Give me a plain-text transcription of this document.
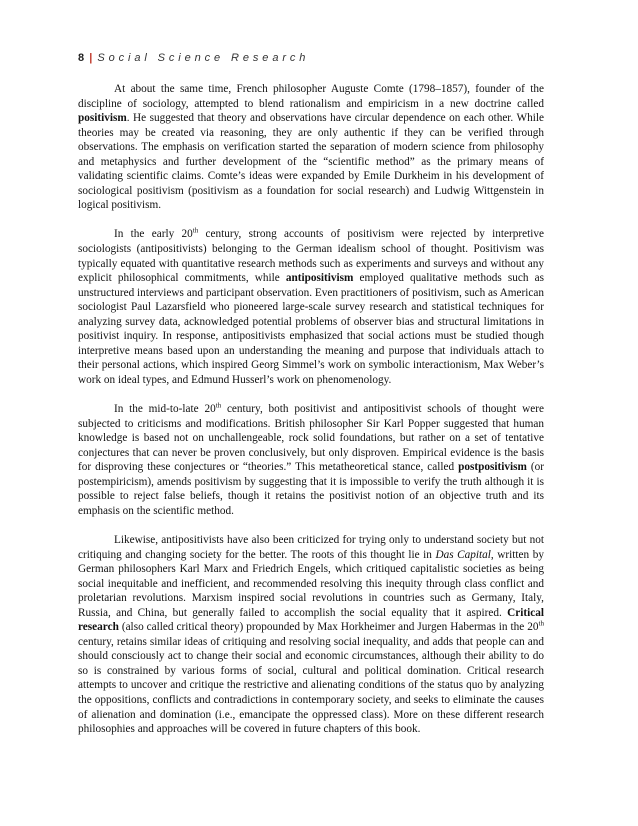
8 | Social Science Research

At about the same time, French philosopher Auguste Comte (1798–1857), founder of the discipline of sociology, attempted to blend rationalism and empiricism in a new doctrine called positivism. He suggested that theory and observations have circular dependence on each other. While theories may be created via reasoning, they are only authentic if they can be verified through observations. The emphasis on verification started the separation of modern science from philosophy and metaphysics and further development of the “scientific method” as the primary means of validating scientific claims. Comte’s ideas were expanded by Emile Durkheim in his development of sociological positivism (positivism as a foundation for social research) and Ludwig Wittgenstein in logical positivism.

In the early 20th century, strong accounts of positivism were rejected by interpretive sociologists (antipositivists) belonging to the German idealism school of thought. Positivism was typically equated with quantitative research methods such as experiments and surveys and without any explicit philosophical commitments, while antipositivism employed qualitative methods such as unstructured interviews and participant observation. Even practitioners of positivism, such as American sociologist Paul Lazarsfield who pioneered large-scale survey research and statistical techniques for analyzing survey data, acknowledged potential problems of observer bias and structural limitations in positivist inquiry. In response, antipositivists emphasized that social actions must be studied though interpretive means based upon an understanding the meaning and purpose that individuals attach to their personal actions, which inspired Georg Simmel’s work on symbolic interactionism, Max Weber’s work on ideal types, and Edmund Husserl’s work on phenomenology.

In the mid-to-late 20th century, both positivist and antipositivist schools of thought were subjected to criticisms and modifications. British philosopher Sir Karl Popper suggested that human knowledge is based not on unchallengeable, rock solid foundations, but rather on a set of tentative conjectures that can never be proven conclusively, but only disproven. Empirical evidence is the basis for disproving these conjectures or “theories.” This metatheoretical stance, called postpositivism (or postempiricism), amends positivism by suggesting that it is impossible to verify the truth although it is possible to reject false beliefs, though it retains the positivist notion of an objective truth and its emphasis on the scientific method.

Likewise, antipositivists have also been criticized for trying only to understand society but not critiquing and changing society for the better. The roots of this thought lie in Das Capital, written by German philosophers Karl Marx and Friedrich Engels, which critiqued capitalistic societies as being social inequitable and inefficient, and recommended resolving this inequity through class conflict and proletarian revolutions. Marxism inspired social revolutions in countries such as Germany, Italy, Russia, and China, but generally failed to accomplish the social equality that it aspired. Critical research (also called critical theory) propounded by Max Horkheimer and Jurgen Habermas in the 20th century, retains similar ideas of critiquing and resolving social inequality, and adds that people can and should consciously act to change their social and economic circumstances, although their ability to do so is constrained by various forms of social, cultural and political domination. Critical research attempts to uncover and critique the restrictive and alienating conditions of the status quo by analyzing the oppositions, conflicts and contradictions in contemporary society, and seeks to eliminate the causes of alienation and domination (i.e., emancipate the oppressed class). More on these different research philosophies and approaches will be covered in future chapters of this book.
